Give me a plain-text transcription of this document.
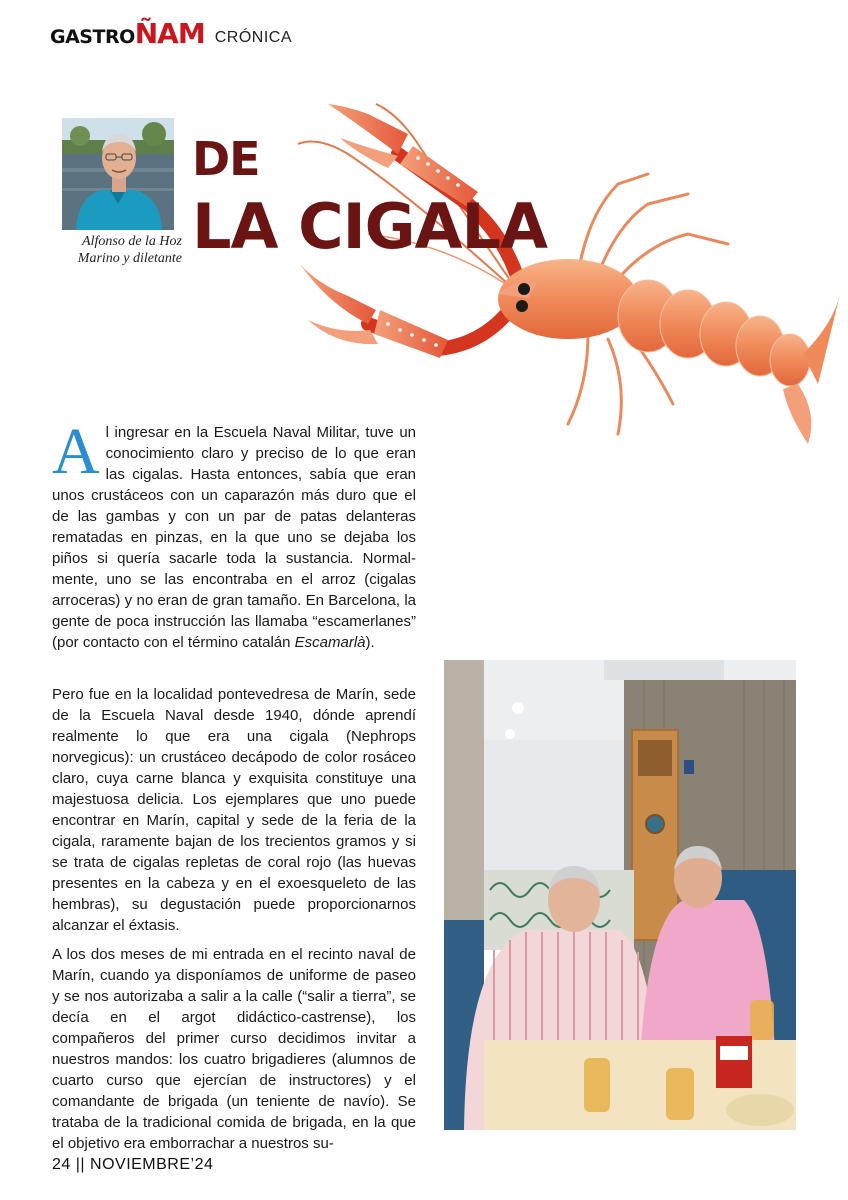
GASTROÑAM CRÓNICA
Alfonso de la Hoz
Marino y diletante
DE
LA CIGALA
Al ingresar en la Escuela Naval Militar, tuve un conocimiento claro y preciso de lo que eran las cigalas. Hasta entonces, sabía que eran unos crustáceos con un caparazón más duro que el de las gambas y con un par de patas delanteras rematadas en pinzas, en la que uno se dejaba los piños si quería sacarle toda la sustancia. Normalmente, uno se las encontraba en el arroz (cigalas arroceras) y no eran de gran tamaño. En Barcelona, la gente de poca instrucción las llamaba “escamerlanes” (por contacto con el término catalán Escamarlà).
Pero fue en la localidad pontevedresa de Marín, sede de la Escuela Naval desde 1940, dónde aprendí realmente lo que era una cigala (Nephrops norvegicus): un crustáceo decápodo de color rosáceo claro, cuya carne blanca y exquisita constituye una majestuosa delicia. Los ejemplares que uno puede encontrar en Marín, capital y sede de la feria de la cigala, raramente bajan de los trecientos gramos y si se trata de cigalas repletas de coral rojo (las huevas presentes en la cabeza y en el exoesqueleto de las hembras), su degustación puede proporcionarnos alcanzar el éxtasis.
A los dos meses de mi entrada en el recinto naval de Marín, cuando ya disponíamos de uniforme de paseo y se nos autorizaba a salir a la calle (“salir a tierra”, se decía en el argot didáctico-castrense), los compañeros del primer curso decidimos invitar a nuestros mandos: los cuatro brigadieres (alumnos de cuarto curso que ejercían de instructores) y el comandante de brigada (un teniente de navío). Se trataba de la tradicional comida de brigada, en la que el objetivo era emborrachar a nuestros su-
24 || NOVIEMBRE’24
